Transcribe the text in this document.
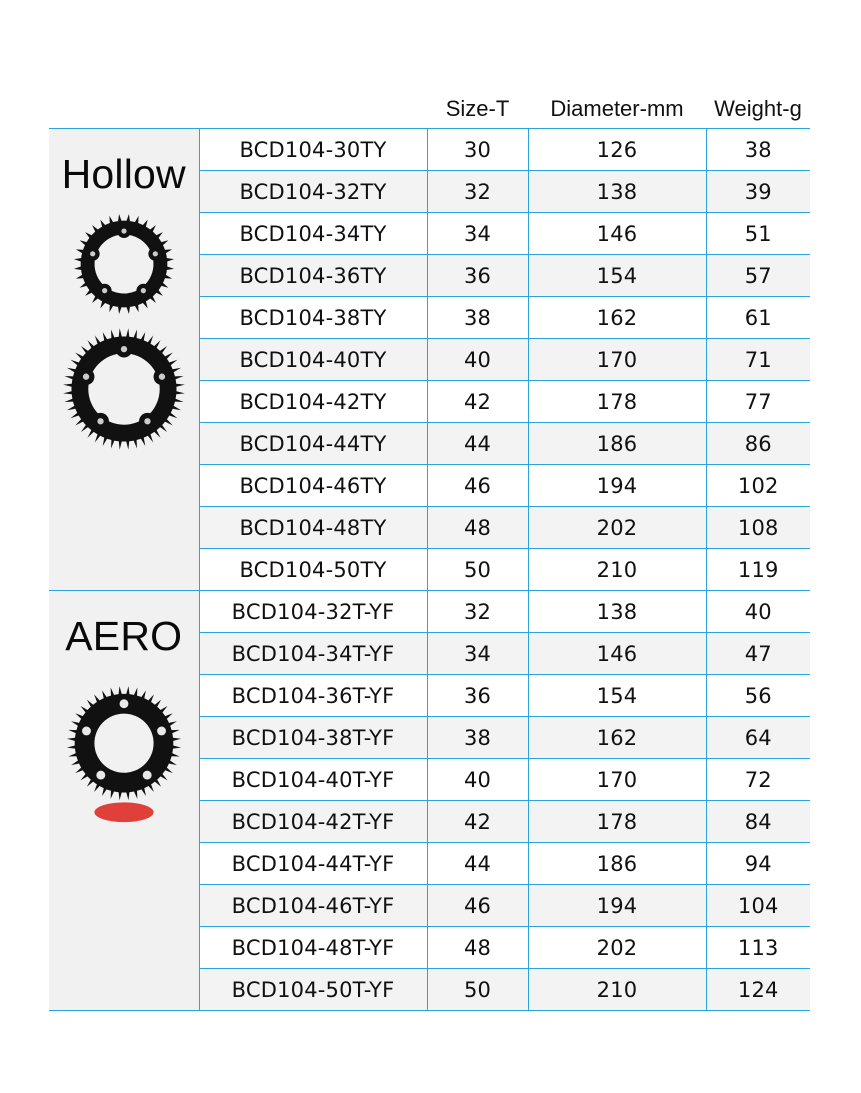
		Size-T	Diameter-mm	Weight-g

Hollow	BCD104-30TY	30	126	38
	BCD104-32TY	32	138	39
	BCD104-34TY	34	146	51
	BCD104-36TY	36	154	57
	BCD104-38TY	38	162	61
	BCD104-40TY	40	170	71
	BCD104-42TY	42	178	77
	BCD104-44TY	44	186	86
	BCD104-46TY	46	194	102
	BCD104-48TY	48	202	108
	BCD104-50TY	50	210	119

AERO	BCD104-32T-YF	32	138	40
	BCD104-34T-YF	34	146	47
	BCD104-36T-YF	36	154	56
	BCD104-38T-YF	38	162	64
	BCD104-40T-YF	40	170	72
	BCD104-42T-YF	42	178	84
	BCD104-44T-YF	44	186	94
	BCD104-46T-YF	46	194	104
	BCD104-48T-YF	48	202	113
	BCD104-50T-YF	50	210	124
